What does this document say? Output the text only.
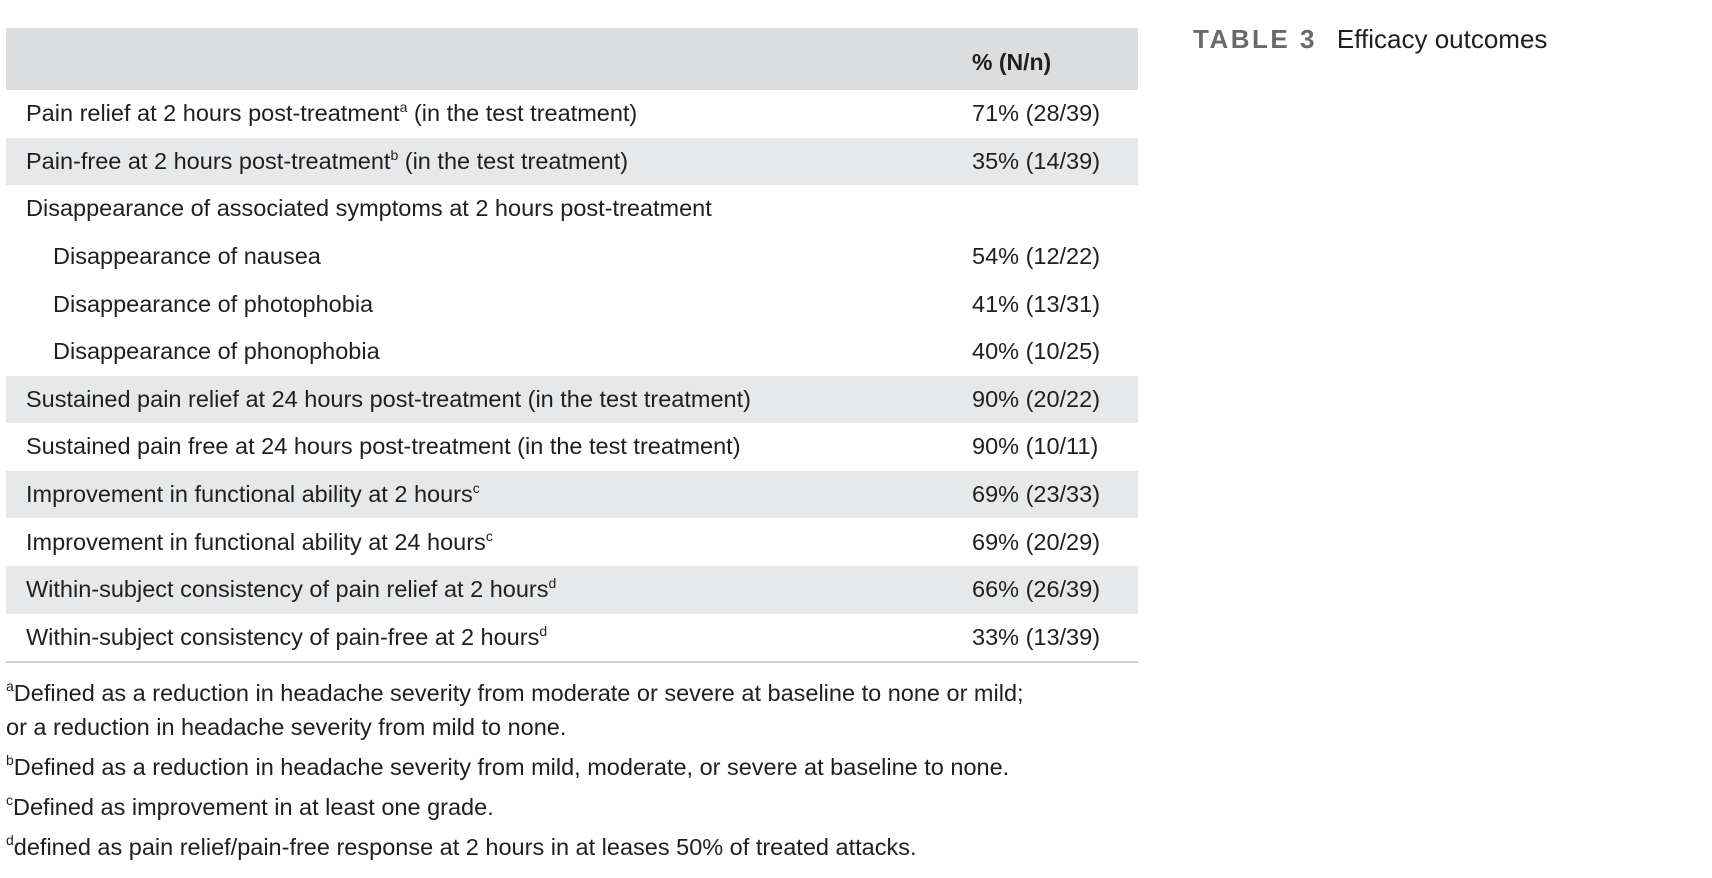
	% (N/n)

Pain relief at 2 hours post-treatment$^a$ (in the test treatment)	71% (28/39)
Pain-free at 2 hours post-treatment$^b$ (in the test treatment)	35% (14/39)
Disappearance of associated symptoms at 2 hours post-treatment	
Disappearance of nausea	54% (12/22)
Disappearance of photophobia	41% (13/31)
Disappearance of phonophobia	40% (10/25)
Sustained pain relief at 24 hours post-treatment (in the test treatment)	90% (20/22)
Sustained pain free at 24 hours post-treatment (in the test treatment)	90% (10/11)
Improvement in functional ability at 2 hours$^c$	69% (23/33)
Improvement in functional ability at 24 hours$^c$	69% (20/29)
Within-subject consistency of pain relief at 2 hours$^d$	66% (26/39)
Within-subject consistency of pain-free at 2 hours$^d$	33% (13/39)
TABLE 3 Efficacy outcomes
$^a$Defined as a reduction in headache severity from moderate or severe at baseline to none or mild;
or a reduction in headache severity from mild to none.
$^b$Defined as a reduction in headache severity from mild, moderate, or severe at baseline to none.
$^c$Defined as improvement in at least one grade.
$^d$defined as pain relief/pain-free response at 2 hours in at leases 50% of treated attacks.
